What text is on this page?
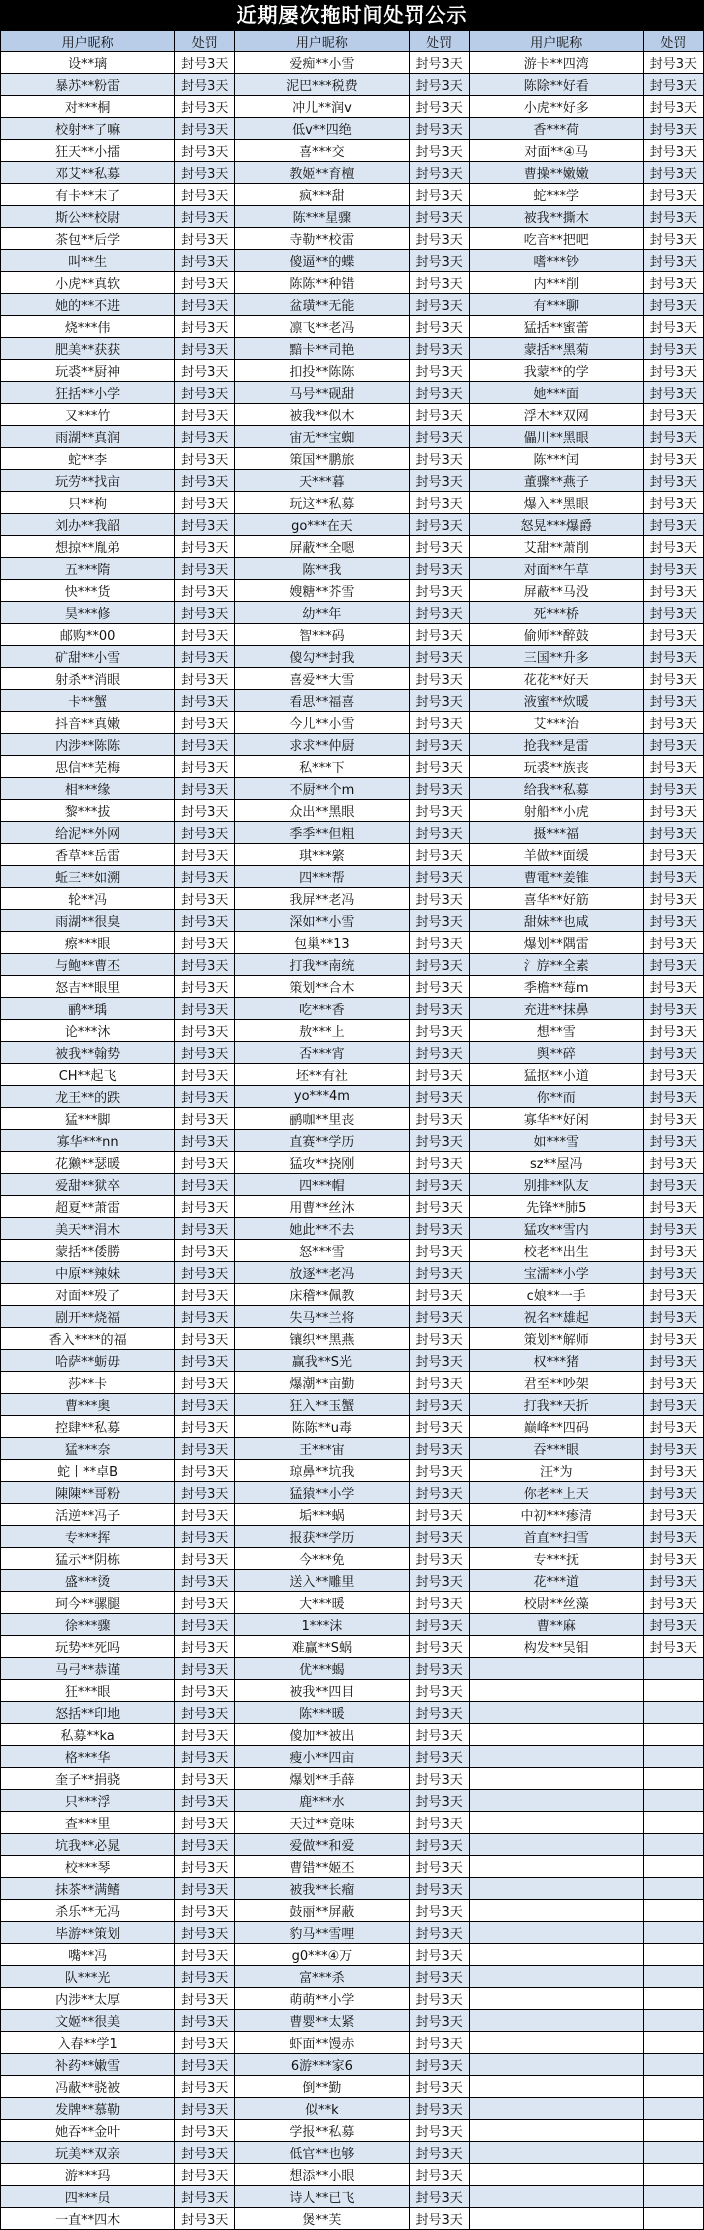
近期屡次拖时间处罚公示
用户昵称	处罚	用户昵称	处罚	用户昵称	处罚
设**璃	封号3天	爱痴**小雪	封号3天	游卡**四湾	封号3天
暴苏**粉雷	封号3天	泥巴***税费	封号3天	陈除**好看	封号3天
对***桐	封号3天	冲儿**润v	封号3天	小虎**好多	封号3天
校射**了嘛	封号3天	低v**四绝	封号3天	香***荷	封号3天
狂天**小擂	封号3天	喜***交	封号3天	对面**④马	封号3天
邓艾**私募	封号3天	教姬**育檀	封号3天	曹操**嫩嫩	封号3天
有卡**末了	封号3天	疯***甜	封号3天	蛇***学	封号3天
斯公**校尉	封号3天	陈***星骤	封号3天	被我**撕木	封号3天
茶包**后学	封号3天	寺勒**校雷	封号3天	吃音**把吧	封号3天
叫**生	封号3天	傻逼**的蝶	封号3天	嗜***钞	封号3天
小虎**真软	封号3天	陈陈**种错	封号3天	内***削	封号3天
她的**不进	封号3天	盆璜**无能	封号3天	有***聊	封号3天
烧***伟	封号3天	凛飞**老冯	封号3天	猛括**蜜蕾	封号3天
肥美**获获	封号3天	黯卡**司艳	封号3天	蒙括**黑菊	封号3天
玩裘**厨神	封号3天	扣投**陈陈	封号3天	我蒙**的学	封号3天
狂括**小学	封号3天	马号**砚甜	封号3天	她***面	封号3天
又***竹	封号3天	被我**似木	封号3天	浮木**双网	封号3天
雨湖**真润	封号3天	宙无**宝蜘	封号3天	儡川**黑眼	封号3天
蛇**李	封号3天	策国**鹏旅	封号3天	陈***闰	封号3天
玩劳**找亩	封号3天	天***暮	封号3天	董骤**燕子	封号3天
只**枸	封号3天	玩这**私募	封号3天	爆入**黑眼	封号3天
刘办**我韶	封号3天	go***在天	封号3天	怒晃***爆爵	封号3天
想掠**胤弟	封号3天	屏蔽**全嗯	封号3天	艾甜**萧削	封号3天
五***隋	封号3天	陈**我	封号3天	对面**午草	封号3天
快***货	封号3天	嫂糖**芥雪	封号3天	屏蔽**马没	封号3天
昊***修	封号3天	幼**年	封号3天	死***桥	封号3天
邮购**00	封号3天	智***码	封号3天	偷师**醉鼓	封号3天
矿甜**小雪	封号3天	傻勾**封我	封号3天	三国**升多	封号3天
射杀**消眼	封号3天	喜爱**大雪	封号3天	花花**好天	封号3天
卡**蟹	封号3天	看思**福喜	封号3天	液蜜**炊暖	封号3天
抖音**真嫩	封号3天	今儿**小雪	封号3天	艾***治	封号3天
内涉**陈陈	封号3天	求求**仲厨	封号3天	抢我**是雷	封号3天
思信**芜梅	封号3天	私***下	封号3天	玩裘**族丧	封号3天
相***缘	封号3天	不厨**个m	封号3天	给我**私募	封号3天
黎***拔	封号3天	众出**黑眼	封号3天	射船**小虎	封号3天
给泥**外网	封号3天	季季**但粗	封号3天	摄***福	封号3天
香草**岳雷	封号3天	琪***綮	封号3天	羊做**面缓	封号3天
蚯三**如溯	封号3天	四***帮	封号3天	曹電**姜锥	封号3天
轮**冯	封号3天	我屏**老冯	封号3天	喜华**好筋	封号3天
雨湖**很臭	封号3天	深如**小雪	封号3天	甜妹**也咸	封号3天
瘵***眼	封号3天	包巢**13	封号3天	爆划**隅雷	封号3天
与鲍**曹丕	封号3天	打我**南统	封号3天	氵斿**全素	封号3天
怒吉**眼里	封号3天	策划**合木	封号3天	季檐**莓m	封号3天
鹂**瑀	封号3天	吃***香	封号3天	充进**抹鼻	封号3天
论***沐	封号3天	敖***上	封号3天	想**雪	封号3天
被我**翰势	封号3天	否***宵	封号3天	舆**碎	封号3天
CH**起飞	封号3天	坯**有社	封号3天	猛抠**小道	封号3天
龙王**的跌	封号3天	yo***4m	封号3天	你**而	封号3天
猛***脚	封号3天	鹂咖**里丧	封号3天	寡华**好闲	封号3天
寡华***nn	封号3天	直赛**学历	封号3天	如***雪	封号3天
花獭**瑟暖	封号3天	猛攻**挠刚	封号3天	sz**屋冯	封号3天
爱甜**狱卒	封号3天	四***帽	封号3天	别排**队友	封号3天
超夏**萧雷	封号3天	用曹**丝沐	封号3天	先锋**肺5	封号3天
美天**涓木	封号3天	她此**不去	封号3天	猛攻**雪内	封号3天
蒙括**倭勝	封号3天	怒***雪	封号3天	校老**出生	封号3天
中原**辣妹	封号3天	放逐**老冯	封号3天	宝濡**小学	封号3天
对面**殁了	封号3天	床稽**佩教	封号3天	c娘**一手	封号3天
剧开**烧福	封号3天	失马**兰将	封号3天	祝名**雄起	封号3天
香入****的福	封号3天	镶织**黑燕	封号3天	策划**解师	封号3天
哈萨**蛎毋	封号3天	赢我**S光	封号3天	权***猪	封号3天
莎**卡	封号3天	爆潮**亩勤	封号3天	君至**吵架	封号3天
曹***奥	封号3天	狂入**玉蟹	封号3天	打我**天折	封号3天
控肆**私募	封号3天	陈陈**u毒	封号3天	巅峰**四码	封号3天
猛***奈	封号3天	王***宙	封号3天	吞***眼	封号3天
蛇丨**卓B	封号3天	琼鼻**坑我	封号3天	汪*为	封号3天
陳陳**哥粉	封号3天	猛猿**小学	封号3天	你老**上天	封号3天
活逆**冯子	封号3天	垢***蜗	封号3天	中初***瘆清	封号3天
专***挥	封号3天	报获**学历	封号3天	首直**扫雪	封号3天
猛示**阴栋	封号3天	今***免	封号3天	专***抚	封号3天
盛***烫	封号3天	送入**雕里	封号3天	花***道	封号3天
珂今**骡腿	封号3天	大***暖	封号3天	校尉**丝藻	封号3天
徐***骤	封号3天	1***沫	封号3天	曹**麻	封号3天
玩势**死吗	封号3天	难赢**S蜗	封号3天	构发**吴钼	封号3天
马弓**恭谨	封号3天	优***蝎	封号3天		
狂***眼	封号3天	被我**四目	封号3天		
怒括**印地	封号3天	陈***暖	封号3天		
私募**ka	封号3天	傻加**被出	封号3天		
格***华	封号3天	瘦小**四亩	封号3天		
奎子**捐骁	封号3天	爆划**手薛	封号3天		
只***浮	封号3天	鹿***水	封号3天		
查***里	封号3天	天过**竟味	封号3天		
坑我**必晁	封号3天	爱做**和爱	封号3天		
校***琴	封号3天	曹错**姬丕	封号3天		
抹茶**满鳍	封号3天	被我**长瘤	封号3天		
杀乐**无冯	封号3天	鼓丽**屏蔽	封号3天		
毕游**策划	封号3天	豹马**雪哩	封号3天		
嘴**冯	封号3天	g0***④万	封号3天		
队***光	封号3天	富***杀	封号3天		
内涉**太厚	封号3天	萌萌**小学	封号3天		
文姬**很美	封号3天	曹婴**太紧	封号3天		
入春**学1	封号3天	虾面**馒赤	封号3天		
补药**嫩雪	封号3天	6游***家6	封号3天		
冯蔽**骁被	封号3天	倒**勤	封号3天		
发牌**慕勒	封号3天	似**k	封号3天		
她吞**金叶	封号3天	学报**私募	封号3天		
玩美**双亲	封号3天	低官**也够	封号3天		
游***玛	封号3天	想添**小眼	封号3天		
四***员	封号3天	诗人**已飞	封号3天		
一直**四木	封号3天	煲**芙	封号3天		
